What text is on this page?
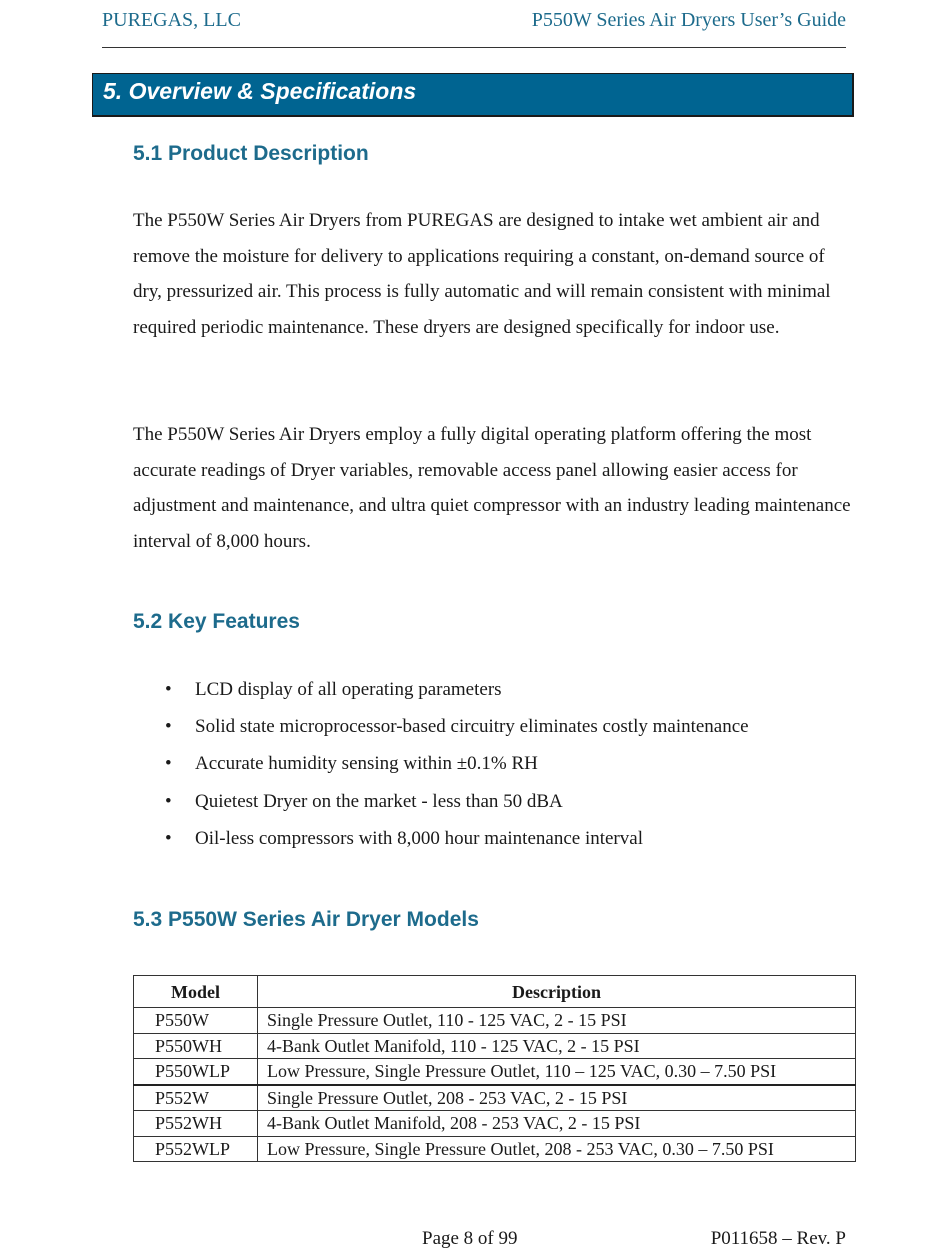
PUREGAS, LLC	P550W Series Air Dryers User’s Guide
5. Overview & Specifications
5.1 Product Description

The P550W Series Air Dryers from PUREGAS are designed to intake wet ambient air and remove the moisture for delivery to applications requiring a constant, on-demand source of dry, pressurized air. This process is fully automatic and will remain consistent with minimal required periodic maintenance. These dryers are designed specifically for indoor use.

The P550W Series Air Dryers employ a fully digital operating platform offering the most accurate readings of Dryer variables, removable access panel allowing easier access for adjustment and maintenance, and ultra quiet compressor with an industry leading maintenance interval of 8,000 hours.

5.2 Key Features
• LCD display of all operating parameters
• Solid state microprocessor-based circuitry eliminates costly maintenance
• Accurate humidity sensing within ±0.1% RH
• Quietest Dryer on the market - less than 50 dBA
• Oil-less compressors with 8,000 hour maintenance interval
5.3 P550W Series Air Dryer Models
Model	Description
P550W	Single Pressure Outlet, 110 - 125 VAC, 2 - 15 PSI
P550WH	4-Bank Outlet Manifold, 110 - 125 VAC, 2 - 15 PSI
P550WLP	Low Pressure, Single Pressure Outlet, 110 – 125 VAC, 0.30 – 7.50 PSI
P552W	Single Pressure Outlet, 208 - 253 VAC, 2 - 15 PSI
P552WH	4-Bank Outlet Manifold, 208 - 253 VAC, 2 - 15 PSI
P552WLP	Low Pressure, Single Pressure Outlet, 208 - 253 VAC, 0.30 – 7.50 PSI
Page 8 of 99	P011658 – Rev. P
